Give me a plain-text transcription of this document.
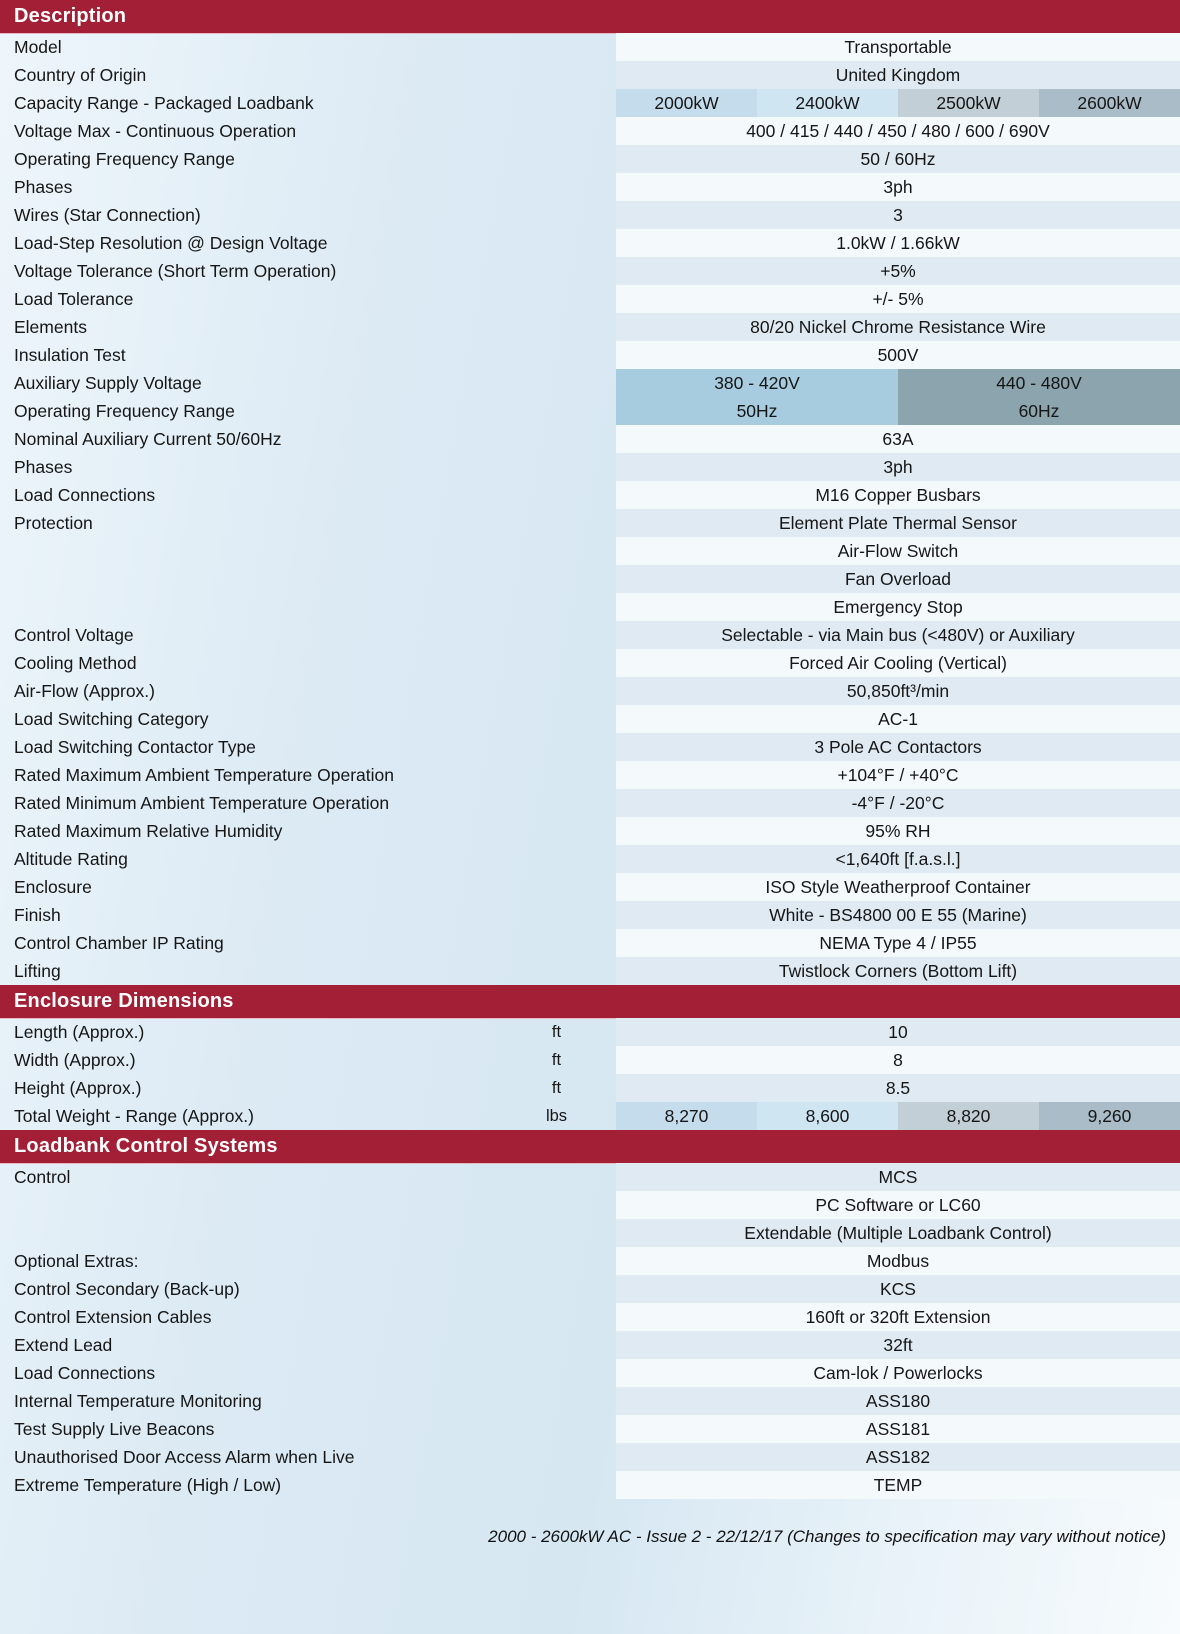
Description
Model	Transportable
Country of Origin	United Kingdom
Capacity Range - Packaged Loadbank	2000kW	2400kW	2500kW	2600kW
Voltage Max - Continuous Operation	400 / 415 / 440 / 450 / 480 / 600 / 690V
Operating Frequency Range	50 / 60Hz
Phases	3ph
Wires (Star Connection)	3
Load-Step Resolution @ Design Voltage	1.0kW / 1.66kW
Voltage Tolerance (Short Term Operation)	+5%
Load Tolerance	+/- 5%
Elements	80/20 Nickel Chrome Resistance Wire
Insulation Test	500V
Auxiliary Supply Voltage	380 - 420V	440 - 480V
Operating Frequency Range	50Hz	60Hz
Nominal Auxiliary Current 50/60Hz	63A
Phases	3ph
Load Connections	M16 Copper Busbars
Protection	Element Plate Thermal Sensor
Air-Flow Switch
Fan Overload
Emergency Stop
Control Voltage	Selectable - via Main bus (<480V) or Auxiliary
Cooling Method	Forced Air Cooling (Vertical)
Air-Flow (Approx.)	50,850ft³/min
Load Switching Category	AC-1
Load Switching Contactor Type	3 Pole AC Contactors
Rated Maximum Ambient Temperature Operation	+104°F / +40°C
Rated Minimum Ambient Temperature Operation	-4°F / -20°C
Rated Maximum Relative Humidity	95% RH
Altitude Rating	<1,640ft [f.a.s.l.]
Enclosure	ISO Style Weatherproof Container
Finish	White - BS4800 00 E 55 (Marine)
Control Chamber IP Rating	NEMA Type 4 / IP55
Lifting	Twistlock Corners (Bottom Lift)
Enclosure Dimensions
Length (Approx.)	ft	10
Width (Approx.)	ft	8
Height (Approx.)	ft	8.5
Total Weight - Range (Approx.)	lbs	8,270	8,600	8,820	9,260
Loadbank Control Systems
Control	MCS
PC Software or LC60
Extendable (Multiple Loadbank Control)
Optional Extras:	Modbus
Control Secondary (Back-up)	KCS
Control Extension Cables	160ft or 320ft Extension
Extend Lead	32ft
Load Connections	Cam-lok / Powerlocks
Internal Temperature Monitoring	ASS180
Test Supply Live Beacons	ASS181
Unauthorised Door Access Alarm when Live	ASS182
Extreme Temperature (High / Low)	TEMP
2000 - 2600kW AC - Issue 2 - 22/12/17 (Changes to specification may vary without notice)
